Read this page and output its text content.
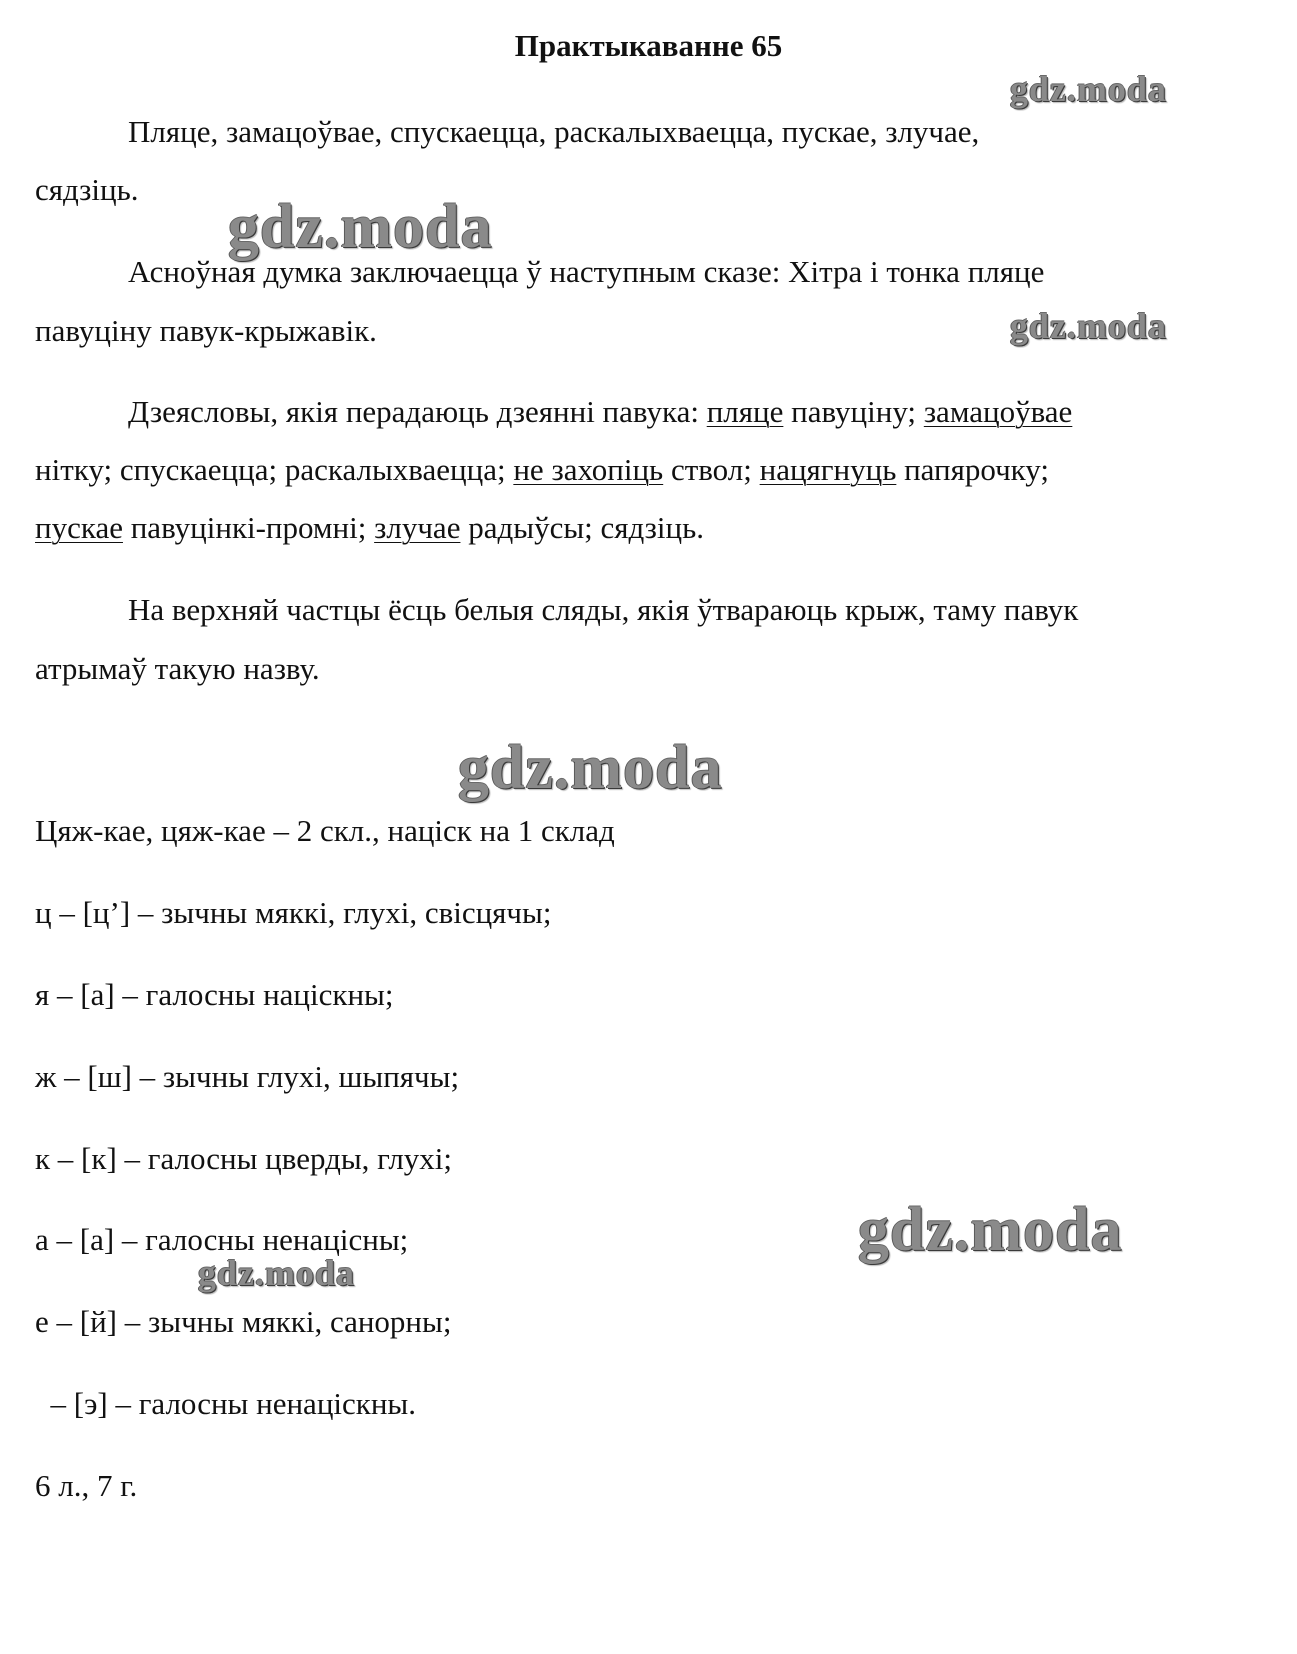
Практыкаванне 65
Пляце, замацоўвае, спускаецца, раскалыхваецца, пускае, злучае,
сядзіць.
Асноўная думка заключаецца ў наступным сказе: Хітра і тонка пляце
павуціну павук-крыжавік.
Дзеясловы, якія перадаюць дзеянні павука: пляце павуціну; замацоўвае
нітку; спускаецца; раскалыхваецца; не захопіць ствол; нацягнуць папярочку;
пускае павуцінкі-промні; злучае радыўсы; сядзіць.
На верхняй частцы ёсць белыя сляды, якія ўтвараюць крыж, таму павук
атрымаў такую назву.
Цяж-кае, цяж-кае – 2 скл., націск на 1 склад
ц – [ц’] – зычны мяккі, глухі, свісцячы;
я – [а] – галосны націскны;
ж – [ш] – зычны глухі, шыпячы;
к – [к] – галосны цверды, глухі;
а – [а] – галосны ненацісны;
е – [й] – зычны мяккі, санорны;
– [э] – галосны ненацiскны.
6 л., 7 г.
gdz.moda
gdz.moda
gdz.moda
gdz.moda
gdz.moda
gdz.moda
